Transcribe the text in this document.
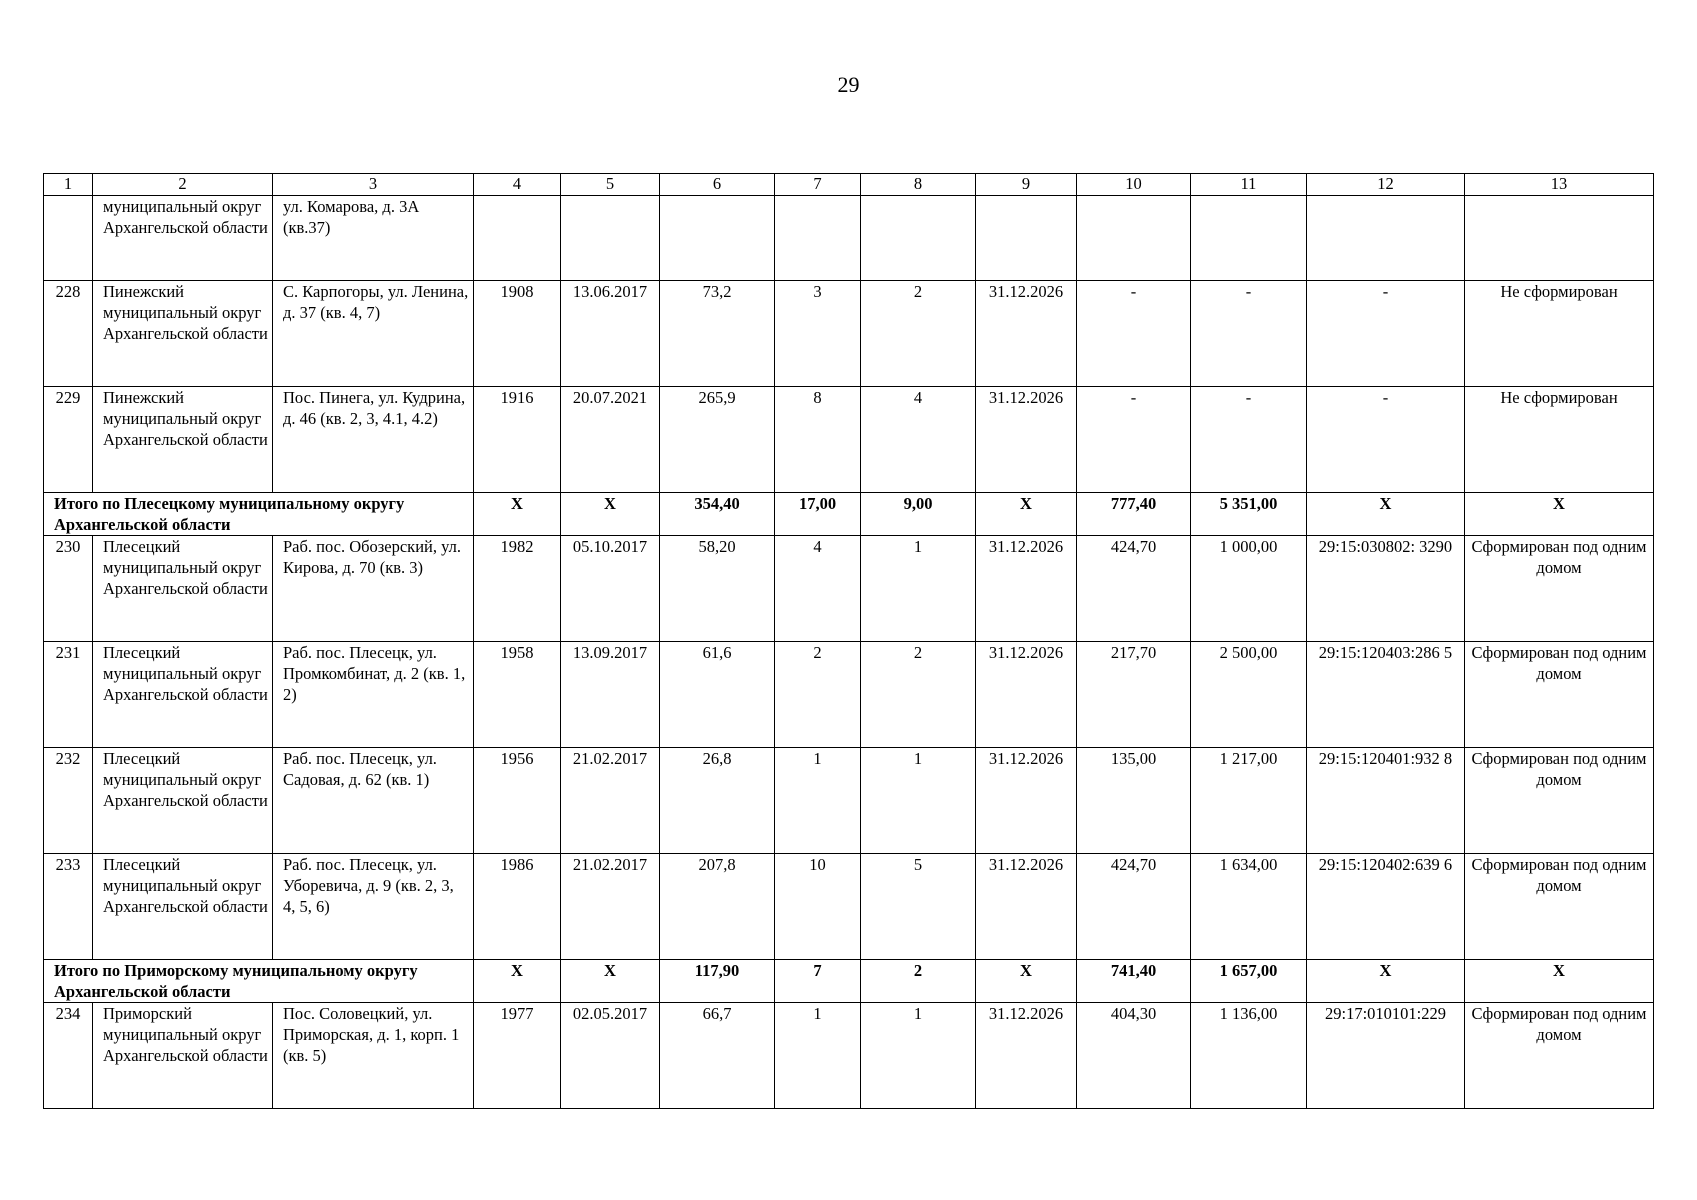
29
1	2	3	4	5	6	7	8	9	10	11	12	13
	муниципальный округ Архангельской области	ул. Комарова, д. 3А (кв.37)										
228	Пинежский муниципальный округ Архангельской области	С. Карпогоры, ул. Ленина, д. 37 (кв. 4, 7)	1908	13.06.2017	73,2	3	2	31.12.2026	-	-	-	Не сформирован
229	Пинежский муниципальный округ Архангельской области	Пос. Пинега, ул. Кудрина, д. 46 (кв. 2, 3, 4.1, 4.2)	1916	20.07.2021	265,9	8	4	31.12.2026	-	-	-	Не сформирован
Итого по Плесецкому муниципальному округу Архангельской области			Х	Х	354,40	17,00	9,00	Х	777,40	5 351,00	Х	Х
230	Плесецкий муниципальный округ Архангельской области	Раб. пос. Обозерский, ул. Кирова, д. 70 (кв. 3)	1982	05.10.2017	58,20	4	1	31.12.2026	424,70	1 000,00	29:15:030802: 3290	Сформирован под одним домом
231	Плесецкий муниципальный округ Архангельской области	Раб. пос. Плесецк, ул. Промкомбинат, д. 2 (кв. 1, 2)	1958	13.09.2017	61,6	2	2	31.12.2026	217,70	2 500,00	29:15:120403:286 5	Сформирован под одним домом
232	Плесецкий муниципальный округ Архангельской области	Раб. пос. Плесецк, ул. Садовая, д. 62 (кв. 1)	1956	21.02.2017	26,8	1	1	31.12.2026	135,00	1 217,00	29:15:120401:932 8	Сформирован под одним домом
233	Плесецкий муниципальный округ Архангельской области	Раб. пос. Плесецк, ул. Уборевича, д. 9 (кв. 2, 3, 4, 5, 6)	1986	21.02.2017	207,8	10	5	31.12.2026	424,70	1 634,00	29:15:120402:639 6	Сформирован под одним домом
Итого по Приморскому муниципальному округу Архангельской области			Х	Х	117,90	7	2	Х	741,40	1 657,00	Х	Х
234	Приморский муниципальный округ Архангельской области	Пос. Соловецкий, ул. Приморская, д. 1, корп. 1 (кв. 5)	1977	02.05.2017	66,7	1	1	31.12.2026	404,30	1 136,00	29:17:010101:229	Сформирован под одним домом
